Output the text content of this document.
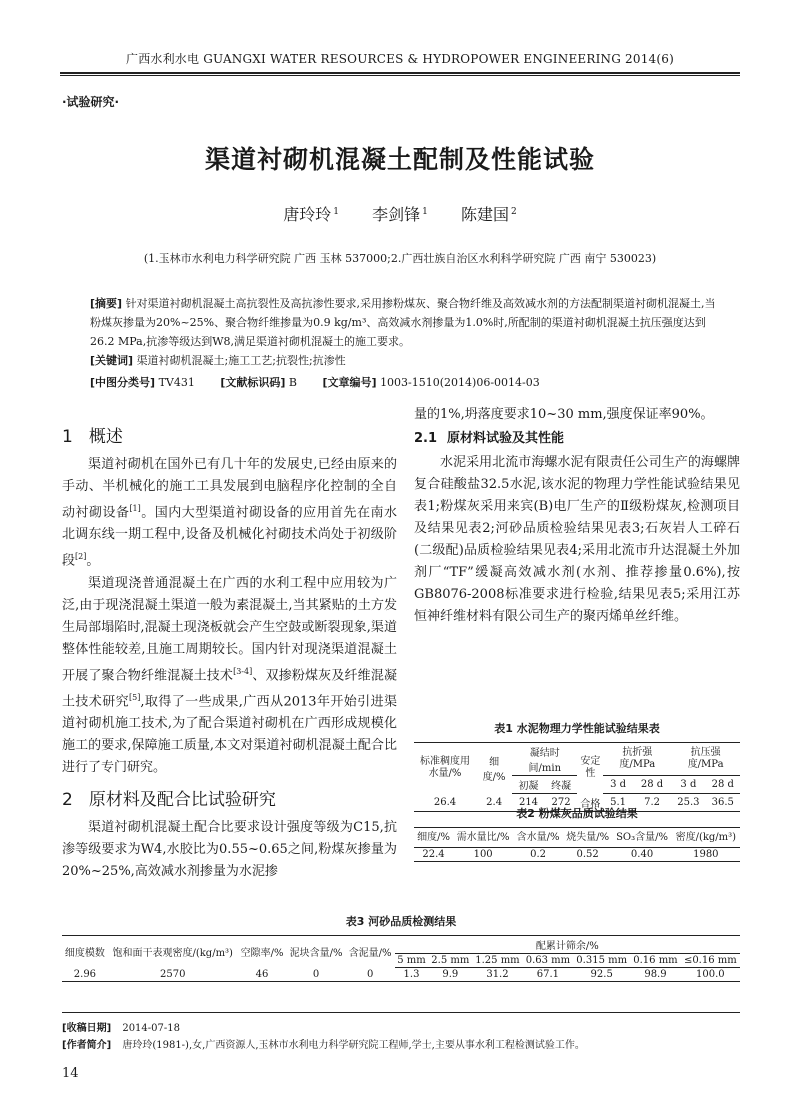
广西水利水电 GUANGXI WATER RESOURCES & HYDROPOWER ENGINEERING 2014(6)
·试验研究·
渠道衬砌机混凝土配制及性能试验
唐玲玲 $^1$ 李剑锋 $^1$ 陈建国 $^2$
(1.玉林市水利电力科学研究院 广西 玉林 537000;2.广西壮族自治区水利科学研究院 广西 南宁 530023)
[摘要] 针对渠道衬砌机混凝土高抗裂性及高抗渗性要求,采用掺粉煤灰、聚合物纤维及高效减水剂的方法配制渠道衬砌机混凝土,当粉煤灰掺量为20%~25%、聚合物纤维掺量为0.9 kg/m³、高效减水剂掺量为1.0%时,所配制的渠道衬砌机混凝土抗压强度达到26.2 MPa,抗渗等级达到W8,满足渠道衬砌机混凝土的施工要求。
[关键词] 渠道衬砌机混凝土;施工工艺;抗裂性;抗渗性
[中图分类号] TV431 [文献标识码] B [文章编号] 1003-1510(2014)06-0014-03
1 概述
渠道衬砌机在国外已有几十年的发展史,已经由原来的手动、半机械化的施工工具发展到电脑程序化控制的全自动衬砌设备[1]。国内大型渠道衬砌设备的应用首先在南水北调东线一期工程中,设备及机械化衬砌技术尚处于初级阶段[2]。
渠道现浇普通混凝土在广西的水利工程中应用较为广泛,由于现浇混凝土渠道一般为素混凝土,当其紧贴的土方发生局部塌陷时,混凝土现浇板就会产生空鼓或断裂现象,渠道整体性能较差,且施工周期较长。国内针对现浇渠道混凝土开展了聚合物纤维混凝土技术[3-4]、双掺粉煤灰及纤维混凝土技术研究[5],取得了一些成果,广西从2013年开始引进渠道衬砌机施工技术,为了配合渠道衬砌机在广西形成规模化施工的要求,保障施工质量,本文对渠道衬砌机混凝土配合比进行了专门研究。
2 原材料及配合比试验研究
渠道衬砌机混凝土配合比要求设计强度等级为C15,抗渗等级要求为W4,水胶比为0.55~0.65之间,粉煤灰掺量为20%~25%,高效减水剂掺量为水泥掺
量的1%,坍落度要求10~30 mm,强度保证率90%。
2.1 原材料试验及其性能
水泥采用北流市海螺水泥有限责任公司生产的海螺牌复合硅酸盐32.5水泥,该水泥的物理力学性能试验结果见表1;粉煤灰采用来宾(B)电厂生产的Ⅱ级粉煤灰,检测项目及结果见表2;河砂品质检验结果见表3;石灰岩人工碎石(二级配)品质检验结果见表4;采用北流市升达混凝土外加剂厂“TF”缓凝高效减水剂(水剂、推荐掺量0.6%),按GB8076-2008标准要求进行检验,结果见表5;采用江苏恒神纤维材料有限公司生产的聚丙烯单丝纤维。
表1 水泥物理力学性能试验结果表
标准稠度用水量/%	细度/%	凝结时间/min		安定性	抗折强度/MPa		抗压强度/MPa	
		初凝	终凝		3 d	28 d	3 d	28 d
26.4	2.4	214	272	合格	5.1	7.2	25.3	36.5
表2 粉煤灰品质试验结果
细度/%	需水量比/%	含水量/%	烧失量/%	SO₃含量/%	密度/(kg/m³)
22.4	100	0.2	0.52	0.40	1980
表3 河砂品质检测结果
细度模数	饱和面干表观密度/(kg/m³)	空隙率/%	泥块含量/%	含泥量/%	配累计筛余/%						
					5 mm	2.5 mm	1.25 mm	0.63 mm	0.315 mm	0.16 mm	≤0.16 mm
2.96	2570	46	0	0	1.3	9.9	31.2	67.1	92.5	98.9	100.0
[收稿日期] 2014-07-18
[作者简介] 唐玲玲(1981-),女,广西资源人,玉林市水利电力科学研究院工程师,学士,主要从事水利工程检测试验工作。
14
